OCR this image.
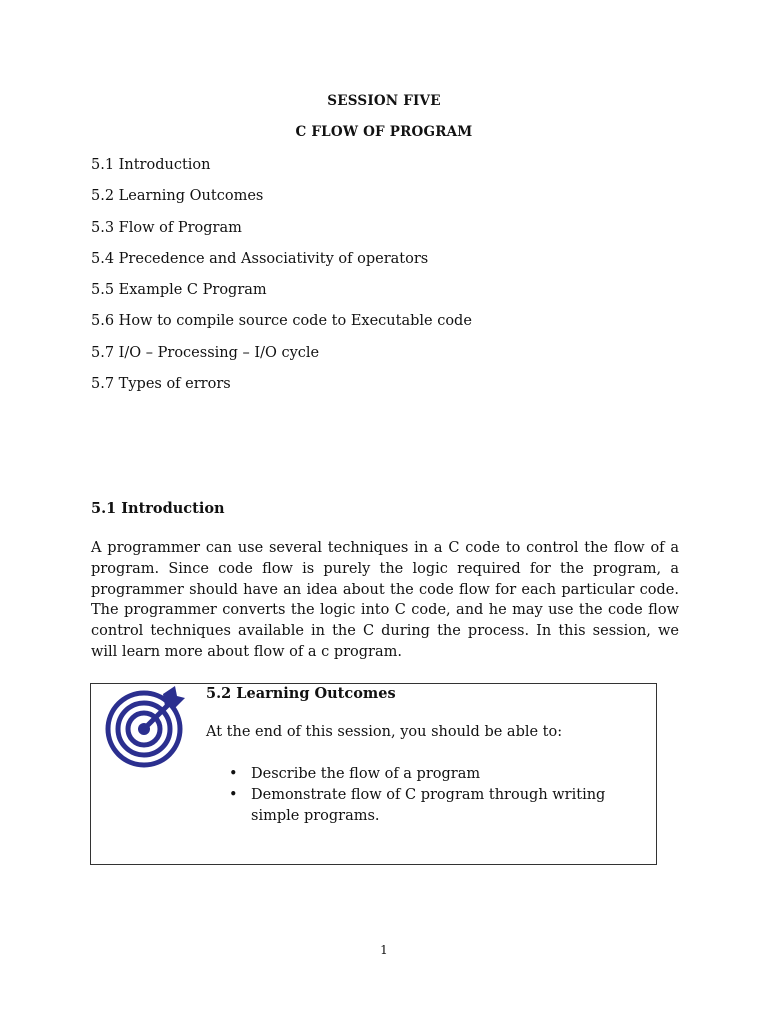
SESSION FIVE
C FLOW OF PROGRAM
5.1 Introduction
5.2 Learning Outcomes
5.3 Flow of Program
5.4 Precedence and Associativity of operators
5.5 Example C Program
5.6 How to compile source code to Executable code
5.7 I/O – Processing – I/O cycle
5.7 Types of errors
5.1 Introduction

A programmer can use several techniques in a C code to control the flow of a program. Since code flow is purely the logic required for the program, a programmer should have an idea about the code flow for each particular code. The programmer converts the logic into C code, and he may use the code flow control techniques available in the C during the process. In this session, we will learn more about flow of a c program.

5.2 Learning Outcomes

At the end of this session, you should be able to:

• Describe the flow of a program
• Demonstrate flow of C program through writing simple programs.
1
